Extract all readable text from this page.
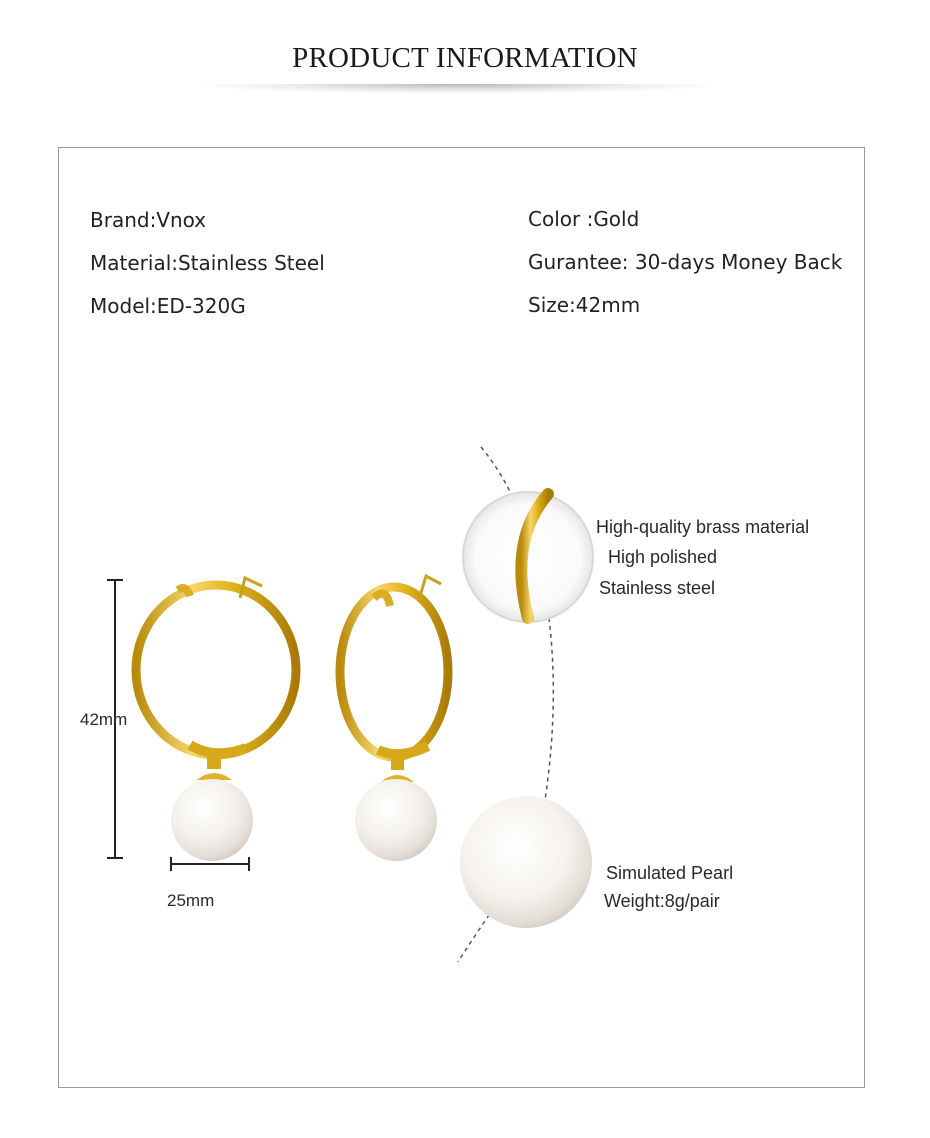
PRODUCT INFORMATION
Brand:Vnox
Material:Stainless Steel
Model:ED-320G
Color :Gold
Gurantee: 30-days Money Back
Size:42mm
42mm
25mm
High-quality brass material
High polished
Stainless steel
Simulated Pearl
Weight:8g/pair
